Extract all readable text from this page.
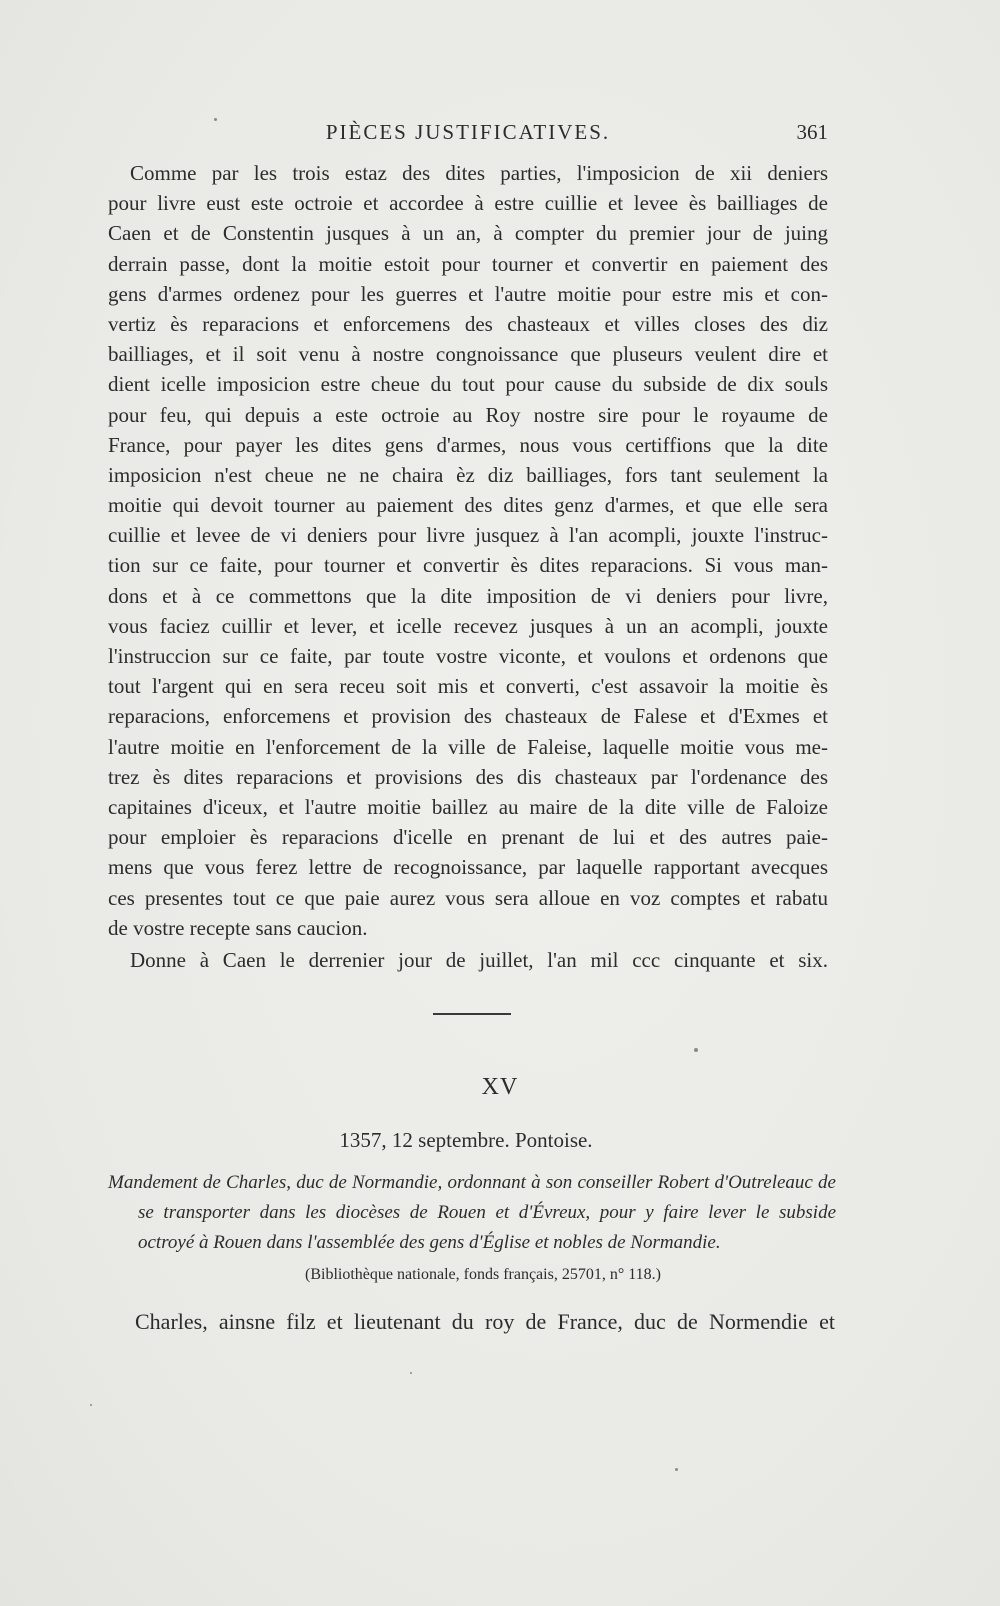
PIÈCES JUSTIFICATIVES.	361
Comme par les trois estaz des dites parties, l'imposicion de xii deniers
pour livre eust este octroie et accordee à estre cuillie et levee ès bailliages de
Caen et de Constentin jusques à un an, à compter du premier jour de juing
derrain passe, dont la moitie estoit pour tourner et convertir en paiement des
gens d'armes ordenez pour les guerres et l'autre moitie pour estre mis et con-
vertiz ès reparacions et enforcemens des chasteaux et villes closes des diz
bailliages, et il soit venu à nostre congnoissance que pluseurs veulent dire et
dient icelle imposicion estre cheue du tout pour cause du subside de dix souls
pour feu, qui depuis a este octroie au Roy nostre sire pour le royaume de
France, pour payer les dites gens d'armes, nous vous certiffions que la dite
imposicion n'est cheue ne ne chaira èz diz bailliages, fors tant seulement la
moitie qui devoit tourner au paiement des dites genz d'armes, et que elle sera
cuillie et levee de vi deniers pour livre jusquez à l'an acompli, jouxte l'instruc-
tion sur ce faite, pour tourner et convertir ès dites reparacions. Si vous man-
dons et à ce commettons que la dite imposition de vi deniers pour livre,
vous faciez cuillir et lever, et icelle recevez jusques à un an acompli, jouxte
l'instruccion sur ce faite, par toute vostre viconte, et voulons et ordenons que
tout l'argent qui en sera receu soit mis et converti, c'est assavoir la moitie ès
reparacions, enforcemens et provision des chasteaux de Falese et d'Exmes et
l'autre moitie en l'enforcement de la ville de Faleise, laquelle moitie vous me-
trez ès dites reparacions et provisions des dis chasteaux par l'ordenance des
capitaines d'iceux, et l'autre moitie baillez au maire de la dite ville de Faloize
pour emploier ès reparacions d'icelle en prenant de lui et des autres paie-
mens que vous ferez lettre de recognoissance, par laquelle rapportant avecques
ces presentes tout ce que paie aurez vous sera alloue en voz comptes et rabatu
de vostre recepte sans caucion.
Donne à Caen le derrenier jour de juillet, l'an mil ccc cinquante et six.
XV
1357, 12 septembre. Pontoise.
Mandement de Charles, duc de Normandie, ordonnant à son conseiller Robert d'Outreleauc de
se transporter dans les diocèses de Rouen et d'Évreux, pour y faire lever le subside
octroyé à Rouen dans l'assemblée des gens d'Église et nobles de Normandie.
(Bibliothèque nationale, fonds français, 25701, n° 118.)
Charles, ainsne filz et lieutenant du roy de France, duc de Normendie et
